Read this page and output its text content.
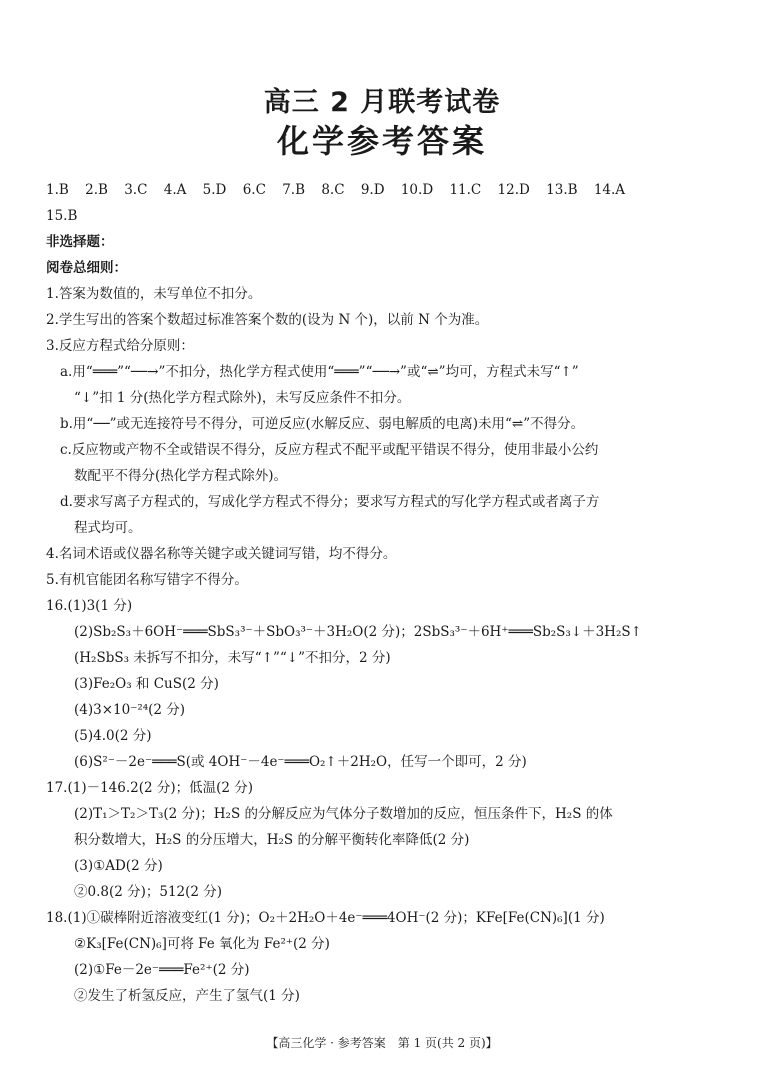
高三 2 月联考试卷
化学参考答案
1.B 2.B 3.C 4.A 5.D 6.C 7.B 8.C 9.D 10.D 11.C 12.D 13.B 14.A
15.B
非选择题：
阅卷总细则：
1.答案为数值的，未写单位不扣分。
2.学生写出的答案个数超过标准答案个数的(设为 N 个)，以前 N 个为准。
3.反应方程式给分原则：
a.用“═══”“──→”不扣分，热化学方程式使用“═══”“──→”或“⇌”均可，方程式未写“↑”
“↓”扣 1 分(热化学方程式除外)，未写反应条件不扣分。
b.用“──”或无连接符号不得分，可逆反应(水解反应、弱电解质的电离)未用“⇌”不得分。
c.反应物或产物不全或错误不得分，反应方程式不配平或配平错误不得分，使用非最小公约
数配平不得分(热化学方程式除外)。
d.要求写离子方程式的，写成化学方程式不得分；要求写方程式的写化学方程式或者离子方
程式均可。
4.名词术语或仪器名称等关键字或关键词写错，均不得分。
5.有机官能团名称写错字不得分。
16.(1)3(1 分)
(2)Sb₂S₃＋6OH⁻═══SbS₃³⁻＋SbO₃³⁻＋3H₂O(2 分)；2SbS₃³⁻＋6H⁺═══Sb₂S₃↓＋3H₂S↑
(H₂SbS₃ 未拆写不扣分，未写“↑”“↓”不扣分，2 分)
(3)Fe₂O₃ 和 CuS(2 分)
(4)3×10⁻²⁴(2 分)
(5)4.0(2 分)
(6)S²⁻－2e⁻═══S(或 4OH⁻－4e⁻═══O₂↑＋2H₂O，任写一个即可，2 分)
17.(1)－146.2(2 分)；低温(2 分)
(2)T₁＞T₂＞T₃(2 分)；H₂S 的分解反应为气体分子数增加的反应，恒压条件下，H₂S 的体
积分数增大，H₂S 的分压增大，H₂S 的分解平衡转化率降低(2 分)
(3)①AD(2 分)
②0.8(2 分)；512(2 分)
18.(1)①碳棒附近溶液变红(1 分)；O₂＋2H₂O＋4e⁻═══4OH⁻(2 分)；KFe[Fe(CN)₆](1 分)
②K₃[Fe(CN)₆]可将 Fe 氧化为 Fe²⁺(2 分)
(2)①Fe－2e⁻═══Fe²⁺(2 分)
②发生了析氢反应，产生了氢气(1 分)
【高三化学 · 参考答案　第 1 页(共 2 页)】
